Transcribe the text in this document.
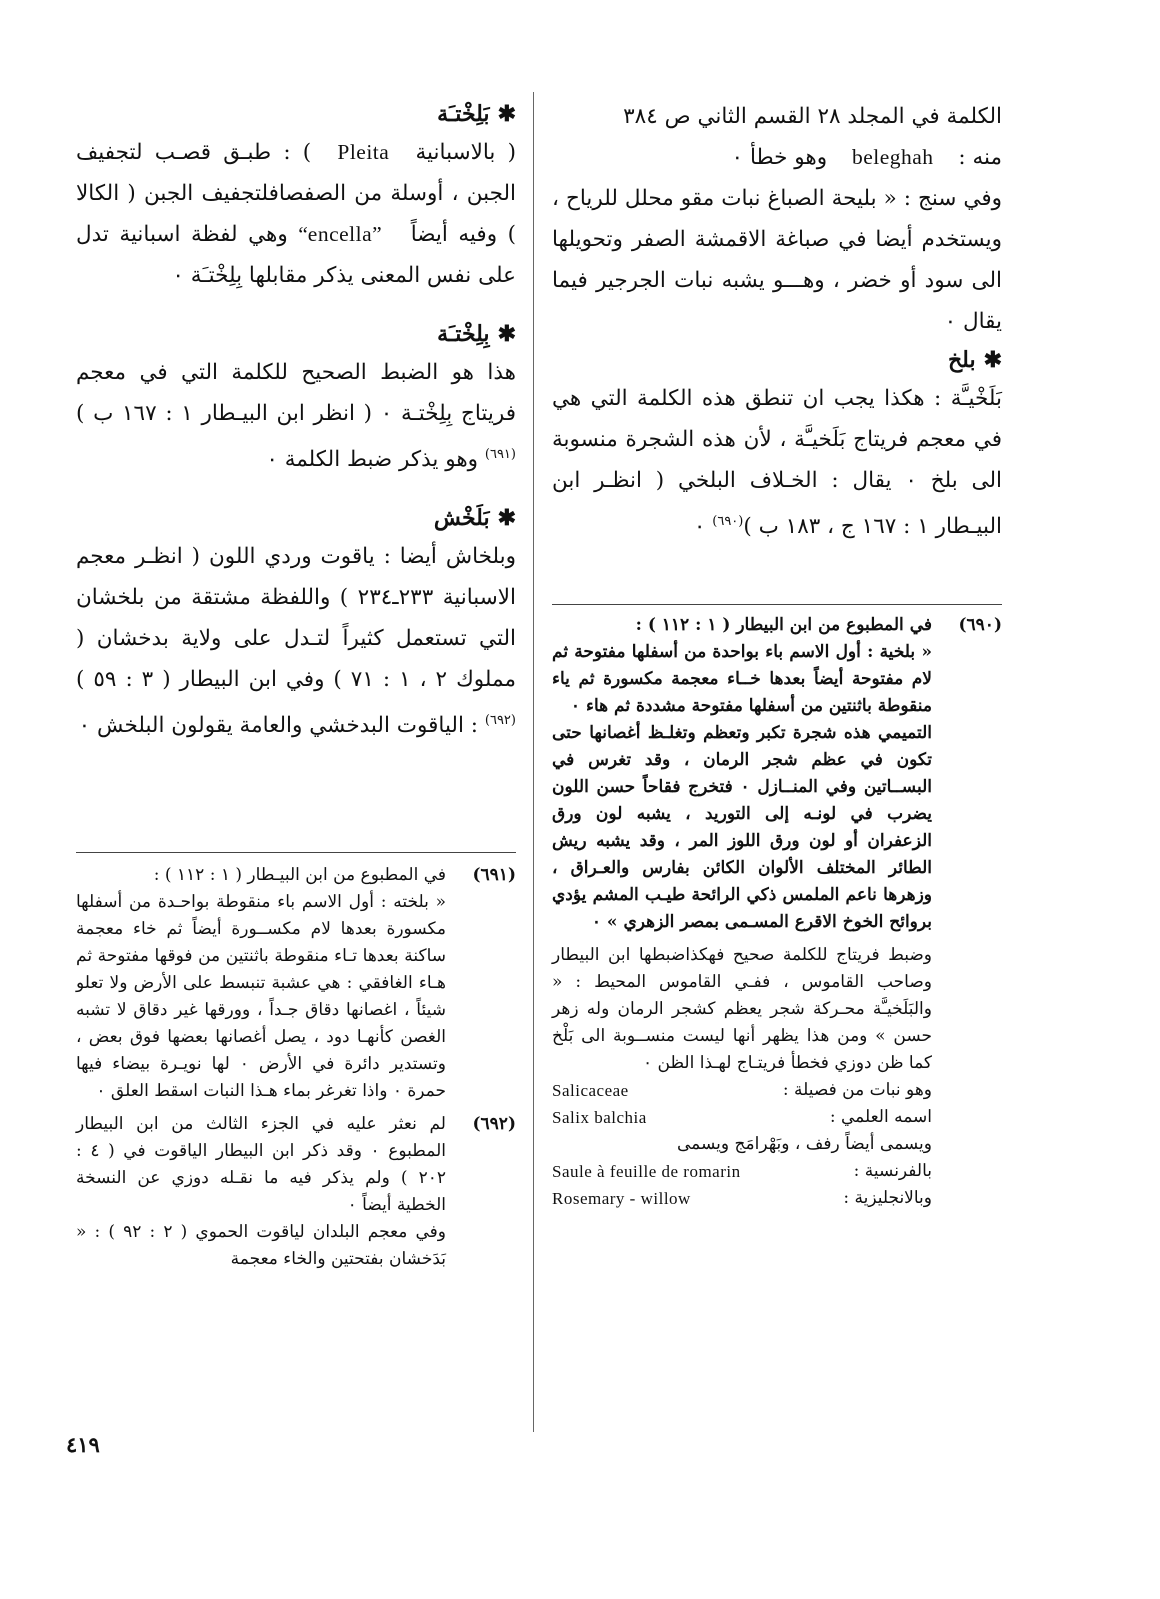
الكلمة في المجلد ٢٨ القسم الثاني ص ٣٨٤

منه : beleghah وهو خطأ ٠

وفي سنج : « بليحة الصباغ نبات مقو محلل للرياح ، ويستخدم أيضا في صباغة الاقمشة الصفر وتحويلها الى سود أو خضر ، وهـــو يشبه نبات الجرجير فيما يقال ٠

✱بلخ

بَلَخْيـَّة : هكذا يجب ان تنطق هذه الكلمة التي هي في معجم فريتاج بَلَخيـَّة ، لأن هذه الشجرة منسوبة الى بلخ ٠ يقال : الخـلاف البلخي ( انظـر ابن البيـطار ١ : ١٦٧ ج ، ١٨٣ ب )$^{(٦٩٠)}$ ٠

(٦٩٠)

في المطبوع من ابن البيطار ( ١ : ١١٢ ) :

« بلخية : أول الاسم باء بواحدة من أسفلها مفتوحة ثم لام مفتوحة أيضاً بعدها خــاء معجمة مكسورة ثم ياء منقوطة باثنتين من أسفلها مفتوحة مشددة ثم هاء ٠

التميمي هذه شجرة تكبر وتعظم وتغلـظ أغصانها حتى تكون في عظم شجر الرمان ، وقد تغرس في البســاتين وفي المنــازل ٠ فتخرج فقاحاً حسن اللون يضرب في لونـه إلى التوريد ، يشبه لون ورق الزعفران أو لون ورق اللوز المر ، وقد يشبه ريش الطائر المختلف الألوان الكائن بفارس والعـراق ، وزهرها ناعم الملمس ذكي الرائحة طيـب المشم يؤدي بروائح الخوخ الاقرع المسـمى بمصر الزهري » ٠

وضبط فريتاج للكلمة صحيح فهكذاضبطها ابن البيطار وصاحب القاموس ، ففـي القاموس المحيط : « والبَلَخيـَّة محـركة شجر يعظم كشجر الرمان وله زهر حسن » ومن هذا يظهر أنها ليست منســوبة الى بَلْخ كما ظن دوزي فخطأ فريتـاج لهـذا الظن ٠

وهو نبات من فصيلة :
Salicaceae
اسمه العلمي :
Salix balchia

ويسمى أيضاً رفف ، وبَهْرامَج ويسمى

بالفرنسية :
Saule à feuille de romarin
وبالانجليزية :
Rosemary - willow
✱بَلِخْتـَة

( بالاسبانية Pleita ) : طبـق قصـب لتجفيف الجبن ، أوسلة من الصفصافلتجفيف الجبن ( الكالا ) وفيه أيضاً “encella” وهي لفظة اسبانية تدل على نفس المعنى يذكر مقابلها بِلِخْتـَة ٠

✱بِلِخْتـَة

هذا هو الضبط الصحيح للكلمة التي في معجم فريتاج بِلِخْتـة ٠ ( انظر ابن البيـطار ١ : ١٦٧ ب )$^{(٦٩١)}$ وهو يذكر ضبط الكلمة ٠

✱بَلَخْش

وبلخاش أيضا : ياقوت وردي اللون ( انظـر معجم الاسبانية ٢٣٣ـ٢٣٤ ) واللفظة مشتقة من بلخشان التي تستعمل كثيراً لتـدل على ولاية بدخشان ( مملوك ٢ ، ١ : ٧١ ) وفي ابن البيطار ( ٣ : ٥٩ )$^{(٦٩٢)}$ : الياقوت البدخشي والعامة يقولون البلخش ٠

(٦٩١)

في المطبوع من ابن البيـطار ( ١ : ١١٢ ) :

« بلخته : أول الاسم باء منقوطة بواحـدة من أسفلها مكسورة بعدها لام مكســورة أيضاً ثم خاء معجمة ساكنة بعدها تـاء منقوطة باثنتين من فوقها مفتوحة ثم هـاء الغافقي : هي عشبة تنبسط على الأرض ولا تعلو شيئاً ، اغصانها دقاق جـداً ، وورقها غير دقاق لا تشبه الغصن كأنهـا دود ، يصل أغصانها بعضها فوق بعض ، وتستدير دائرة في الأرض ٠ لها نويـرة بيضاء فيها حمرة ٠ واذا تغرغر بماء هـذا النبات اسقط العلق ٠

(٦٩٢)

لم نعثر عليه في الجزء الثالث من ابن البيطار المطبوع ٠ وقد ذكر ابن البيطار الياقوت في ( ٤ : ٢٠٢ ) ولم يذكر فيه ما نقـله دوزي عن النسخة الخطية أيضاً ٠

وفي معجم البلدان لياقوت الحموي ( ٢ : ٩٢ ) : « بَدَخشان بفتحتين والخاء معجمة

٤١٩
